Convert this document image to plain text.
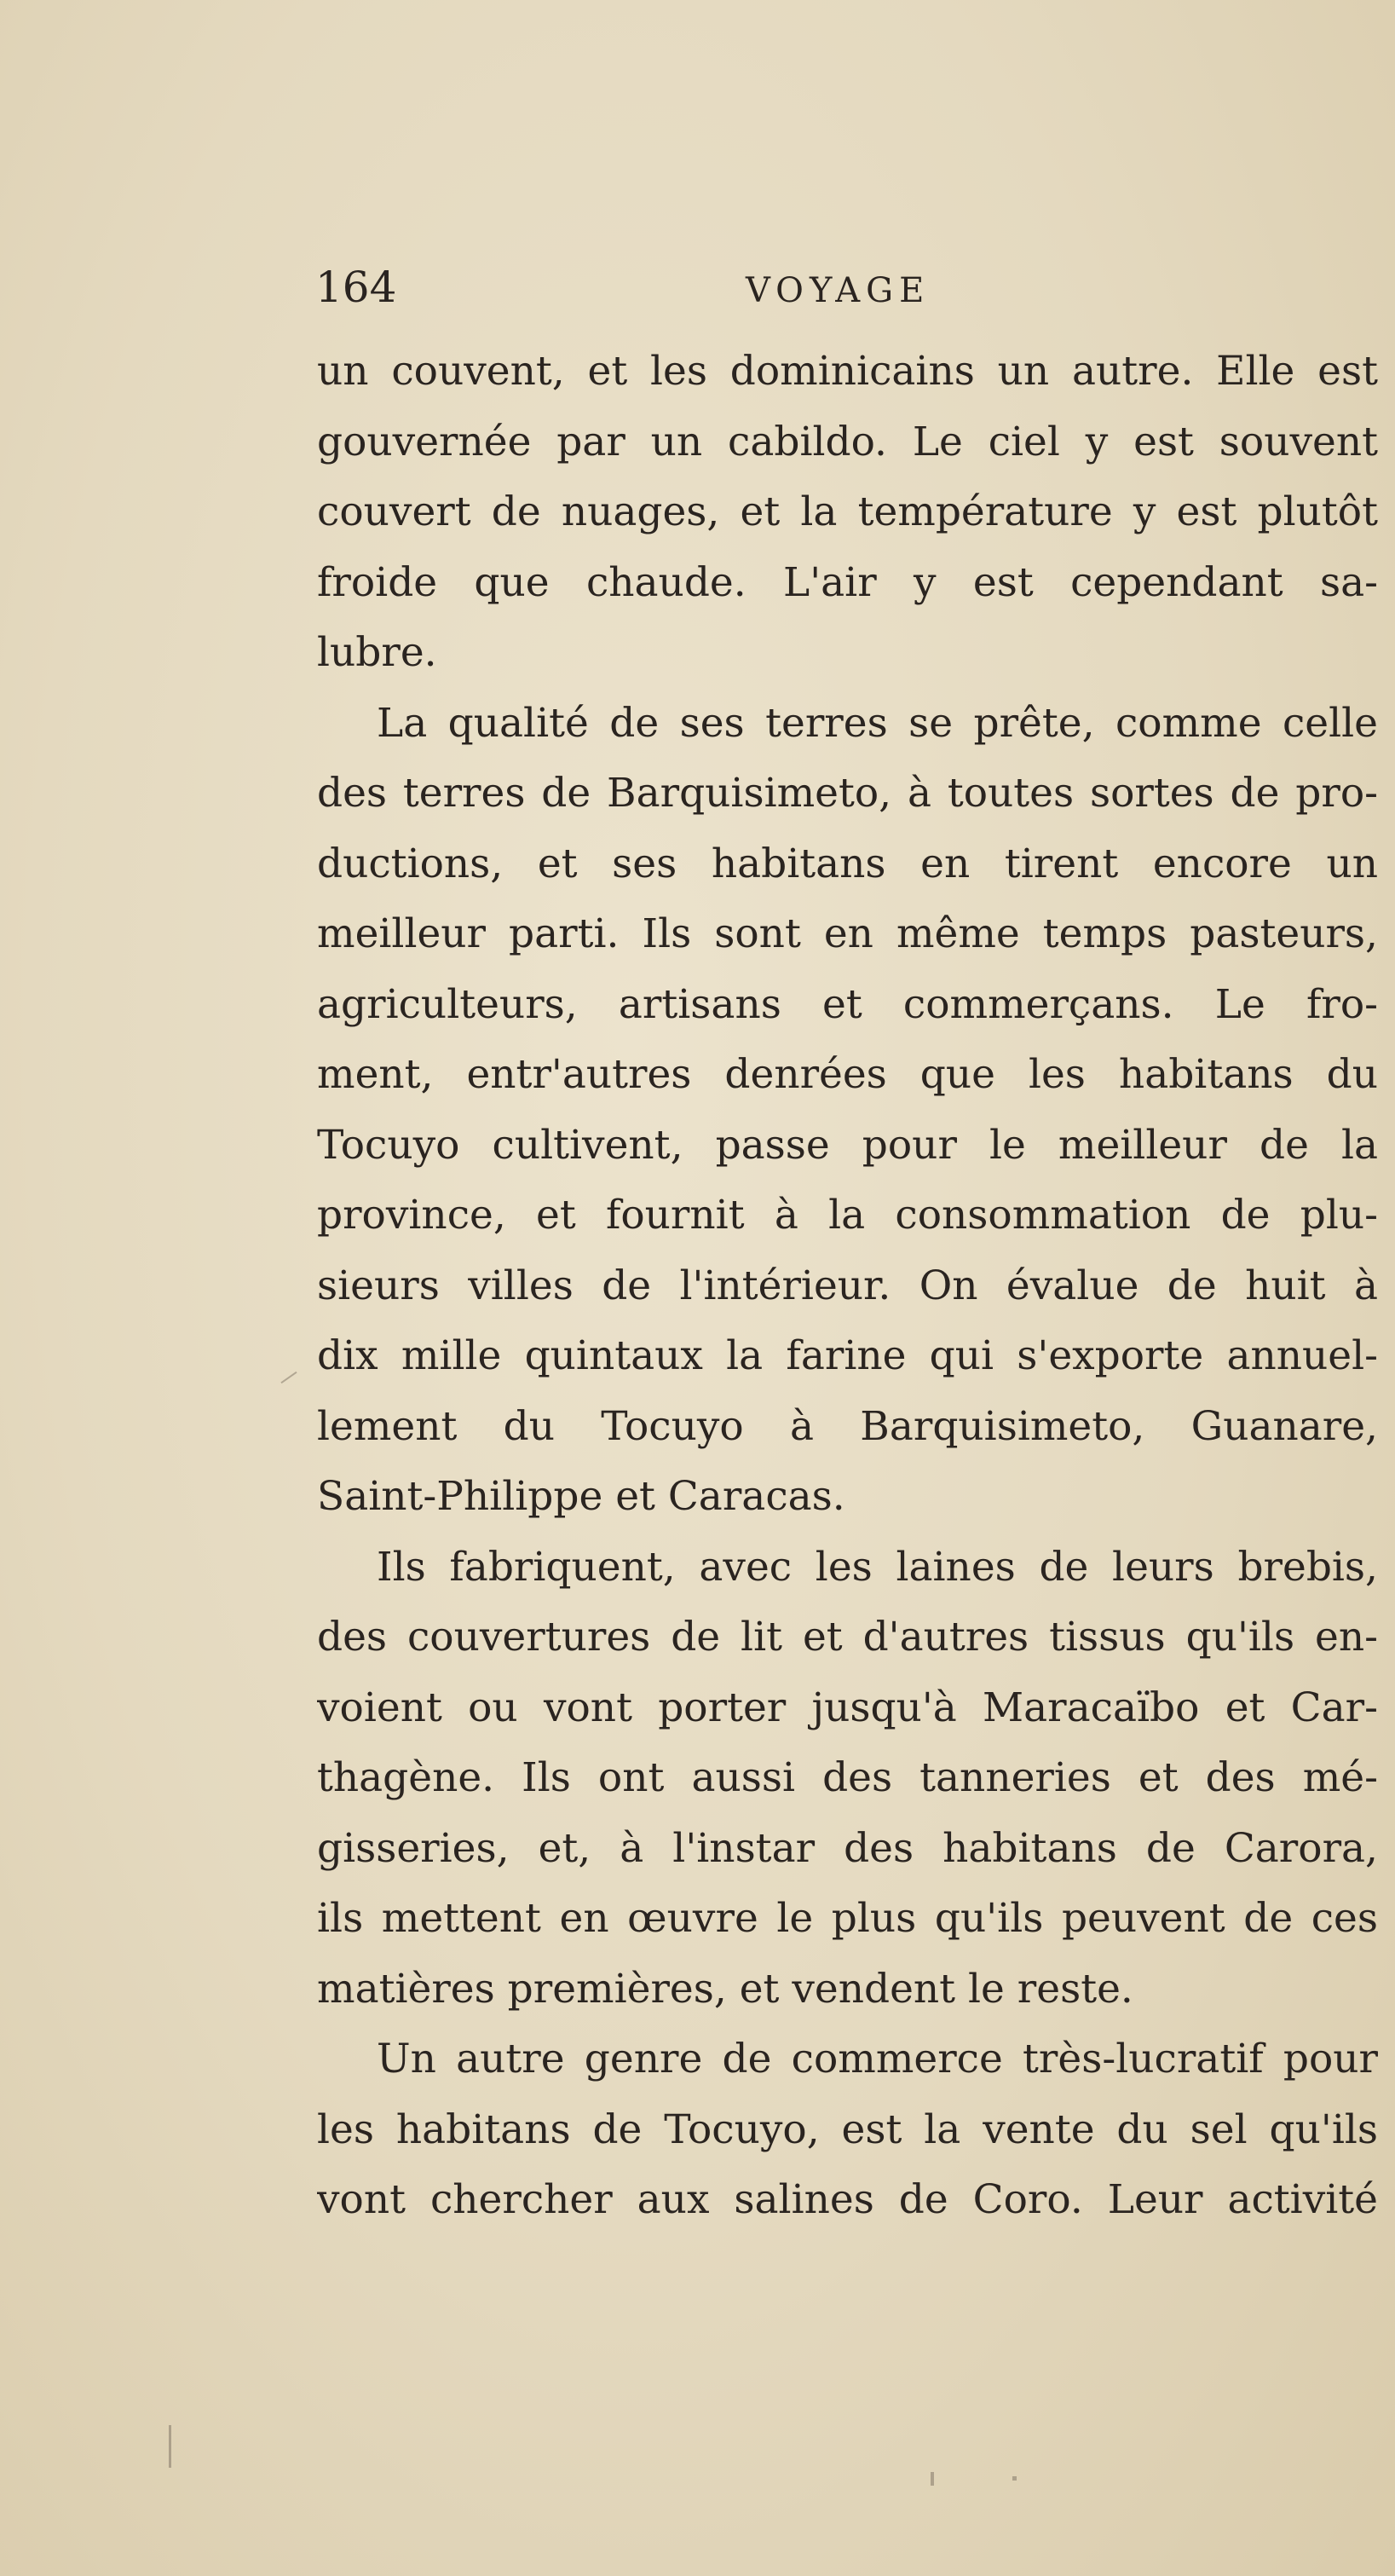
164	VOYAGE
un couvent, et les dominicains un autre. Elle est
gouvernée par un cabildo. Le ciel y est souvent
couvert de nuages, et la température y est plutôt
froide que chaude. L'air y est cependant sa-
lubre.
La qualité de ses terres se prête, comme celle
des terres de Barquisimeto, à toutes sortes de pro-
ductions, et ses habitans en tirent encore un
meilleur parti. Ils sont en même temps pasteurs,
agriculteurs, artisans et commerçans. Le fro-
ment, entr'autres denrées que les habitans du
Tocuyo cultivent, passe pour le meilleur de la
province, et fournit à la consommation de plu-
sieurs villes de l'intérieur. On évalue de huit à
dix mille quintaux la farine qui s'exporte annuel-
lement du Tocuyo à Barquisimeto, Guanare,
Saint-Philippe et Caracas.
Ils fabriquent, avec les laines de leurs brebis,
des couvertures de lit et d'autres tissus qu'ils en-
voient ou vont porter jusqu'à Maracaïbo et Car-
thagène. Ils ont aussi des tanneries et des mé-
gisseries, et, à l'instar des habitans de Carora,
ils mettent en œuvre le plus qu'ils peuvent de ces
matières premières, et vendent le reste.
Un autre genre de commerce très-lucratif pour
les habitans de Tocuyo, est la vente du sel qu'ils
vont chercher aux salines de Coro. Leur activité
